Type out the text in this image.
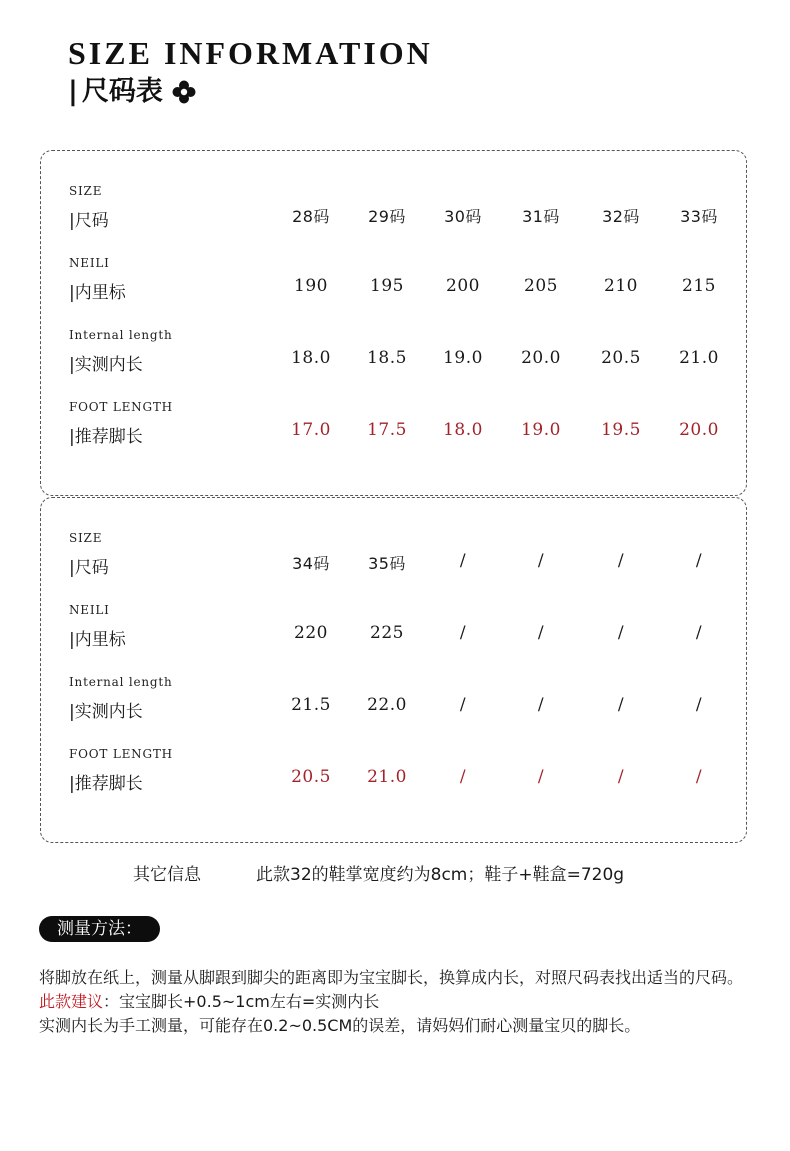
SIZE INFORMATION
| 尺码表
SIZE
|尺码	28码	29码	30码	31码	32码	33码
NEILI
|内里标	190	195	200	205	210	215
Internal length
|实测内长	18.0	18.5	19.0	20.0	20.5	21.0
FOOT LENGTH
|推荐脚长	17.0	17.5	18.0	19.0	19.5	20.0
SIZE
|尺码	34码	35码	/	/	/	/
NEILI
|内里标	220	225	/	/	/	/
Internal length
|实测内长	21.5	22.0	/	/	/	/
FOOT LENGTH
|推荐脚长	20.5	21.0	/	/	/	/
其它信息	此款32的鞋掌宽度约为8cm；鞋子+鞋盒=720g
测量方法：

将脚放在纸上，测量从脚跟到脚尖的距离即为宝宝脚长，换算成内长，对照尺码表找出适当的尺码。

此款建议：宝宝脚长+0.5~1cm左右=实测内长

实测内长为手工测量，可能存在0.2~0.5CM的误差，请妈妈们耐心测量宝贝的脚长。
